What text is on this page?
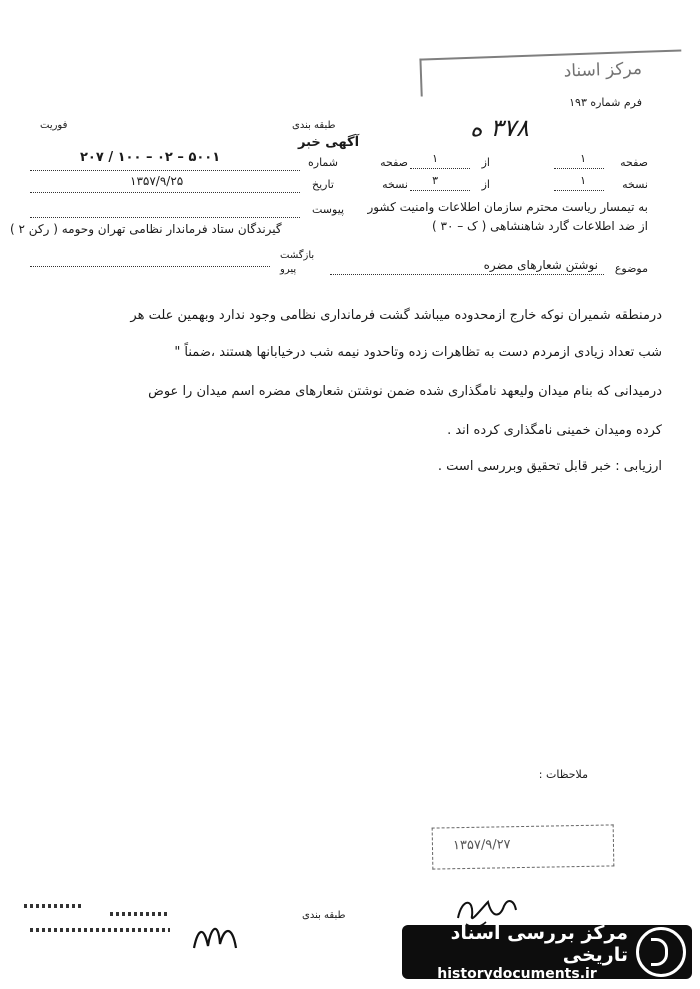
مرکز اسناد
فرم شماره ۱۹۳
طبقه بندی
آگهی خبر
فوریت	۳۷۸ ه
صفحه
۱
از
۱
صفحه
نسخه
۱
از
۳
نسخه
شماره
۵۰۰۱ – ۰۲ – ۱۰۰ / ۲۰۷
تاریخ
۱۳۵۷/۹/۲۵
پیوست به تیمسار ریاست محترم سازمان اطلاعات وامنیت کشور
از ضد اطلاعات گارد شاهنشاهی ( ک – ۳۰ )
گیرندگان ستاد فرماندار نظامی تهران وحومه ( رکن ۲ )
بازگشت
پیرو	موضوع
نوشتن شعارهای مضره
درمنطقه شمیران نوکه خارج ازمحدوده میباشد گشت فرمانداری نظامی وجود ندارد وبهمین علت هر
شب تعداد زیادی ازمردم دست به تظاهرات زده وتاحدود نیمه شب درخیابانها هستند ،ضمناً "
درمیدانی که بنام میدان ولیعهد نامگذاری شده ضمن نوشتن شعارهای مضره اسم میدان را عوض
کرده ومیدان خمینی نامگذاری کرده اند .
ارزیابی : خبر قابل تحقیق وبررسی است .
ملاحظات :
۱۳۵۷/۹/۲۷
طبقه بندی
مرکز بررسی اسناد تاریخی
historydocuments.ir
